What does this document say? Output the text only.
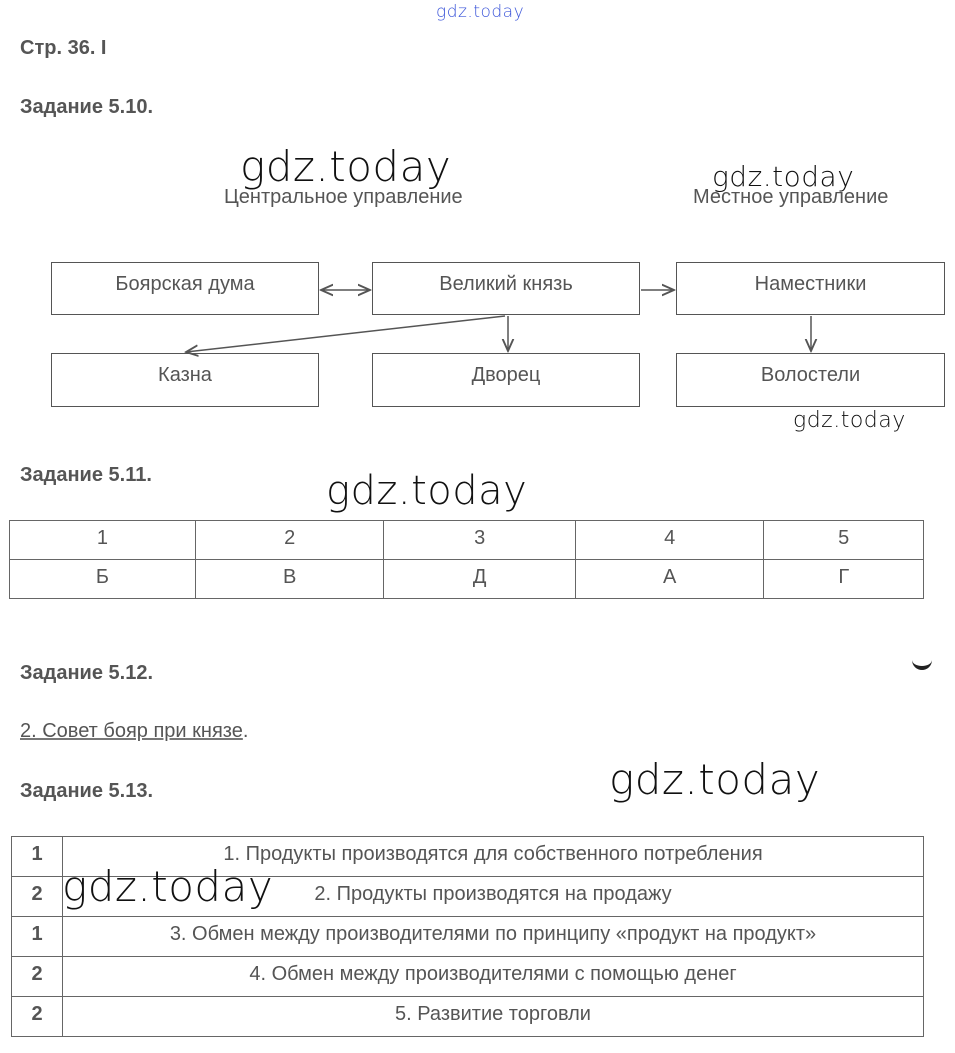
gdz.today
Стр. 36. I
Задание 5.10.
gdz.today
Центральное управление
gdz.today
Местное управление
Боярская дума	Великий князь	Наместники
Казна	Дворец	Волостели
gdz.today
Задание 5.11.	gdz.today
1	2	3	4	5
Б	В	Д	А	Г
Задание 5.12.
2. Совет бояр при князе.
Задание 5.13.	gdz.today
1	1. Продукты производятся для собственного потребления
2	2. Продукты производятся на продажу
1	3. Обмен между производителями по принципу «продукт на продукт»
2	4. Обмен между производителями с помощью денег
2	5. Развитие торговли
gdz.today
